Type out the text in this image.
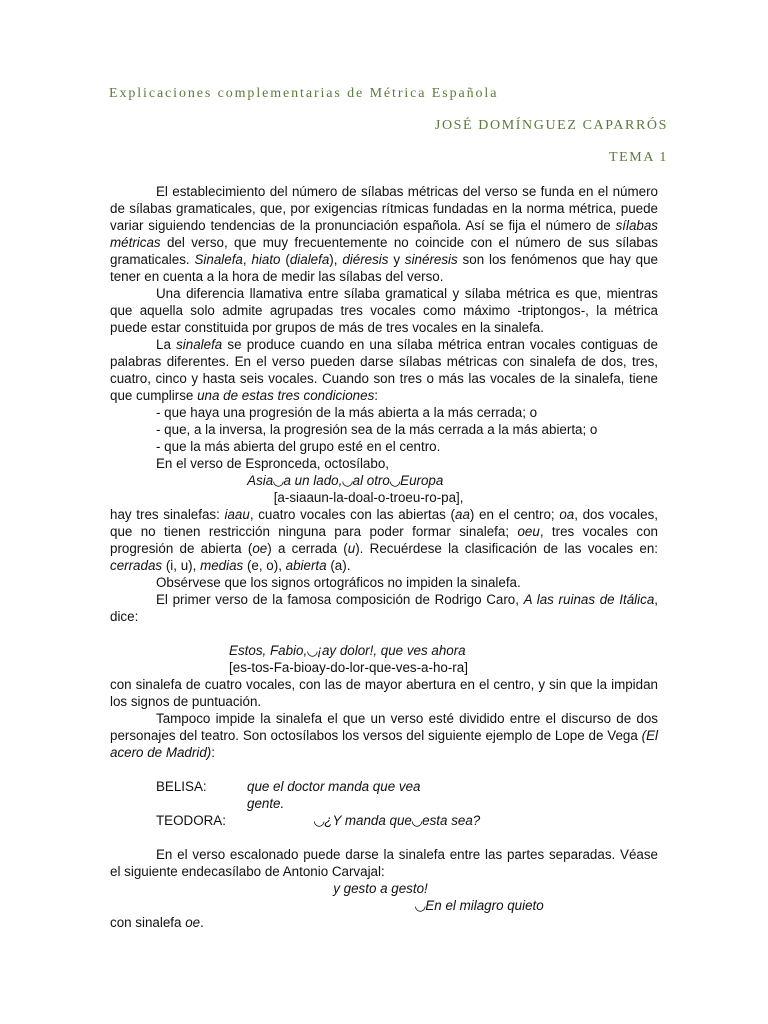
Explicaciones complementarias de Métrica Española
JOSÉ DOMÍNGUEZ CAPARRÓS
TEMA 1

El establecimiento del número de sílabas métricas del verso se funda en el número de sílabas gramaticales, que, por exigencias rítmicas fundadas en la norma métrica, puede variar siguiendo tendencias de la pronunciación española. Así se fija el número de sílabas métricas del verso, que muy frecuentemente no coincide con el número de sus sílabas gramaticales. Sinalefa, hiato (dialefa), diéresis y sinéresis son los fenómenos que hay que tener en cuenta a la hora de medir las sílabas del verso.

Una diferencia llamativa entre sílaba gramatical y sílaba métrica es que, mientras que aquella solo admite agrupadas tres vocales como máximo -triptongos-, la métrica puede estar constituida por grupos de más de tres vocales en la sinalefa.

La sinalefa se produce cuando en una sílaba métrica entran vocales contiguas de palabras diferentes. En el verso pueden darse sílabas métricas con sinalefa de dos, tres, cuatro, cinco y hasta seis vocales. Cuando son tres o más las vocales de la sinalefa, tiene que cumplirse una de estas tres condiciones:

- que haya una progresión de la más abierta a la más cerrada; o

- que, a la inversa, la progresión sea de la más cerrada a la más abierta; o

- que la más abierta del grupo esté en el centro.

En el verso de Espronceda, octosílabo,

Asia◡a un lado,◡al otro◡Europa

[a-siaaun-la-doal-o-troeu-ro-pa],

hay tres sinalefas: iaau, cuatro vocales con las abiertas (aa) en el centro; oa, dos vocales, que no tienen restricción ninguna para poder formar sinalefa; oeu, tres vocales con progresión de abierta (oe) a cerrada (u). Recuérdese la clasificación de las vocales en: cerradas (i, u), medias (e, o), abierta (a).

Obsérvese que los signos ortográficos no impiden la sinalefa.

El primer verso de la famosa composición de Rodrigo Caro, A las ruinas de Itálica, dice:

Estos, Fabio,◡¡ay dolor!, que ves ahora

[es-tos-Fa-bioay-do-lor-que-ves-a-ho-ra]

con sinalefa de cuatro vocales, con las de mayor abertura en el centro, y sin que la impidan los signos de puntuación.

Tampoco impide la sinalefa el que un verso esté dividido entre el discurso de dos personajes del teatro. Son octosílabos los versos del siguiente ejemplo de Lope de Vega (El acero de Madrid):

BELISA:	que el doctor manda que vea
gente.
TEODORA:	◡¿Y manda que◡esta sea?

En el verso escalonado puede darse la sinalefa entre las partes separadas. Véase el siguiente endecasílabo de Antonio Carvajal:

y gesto a gesto!

◡En el milagro quieto

con sinalefa oe.
